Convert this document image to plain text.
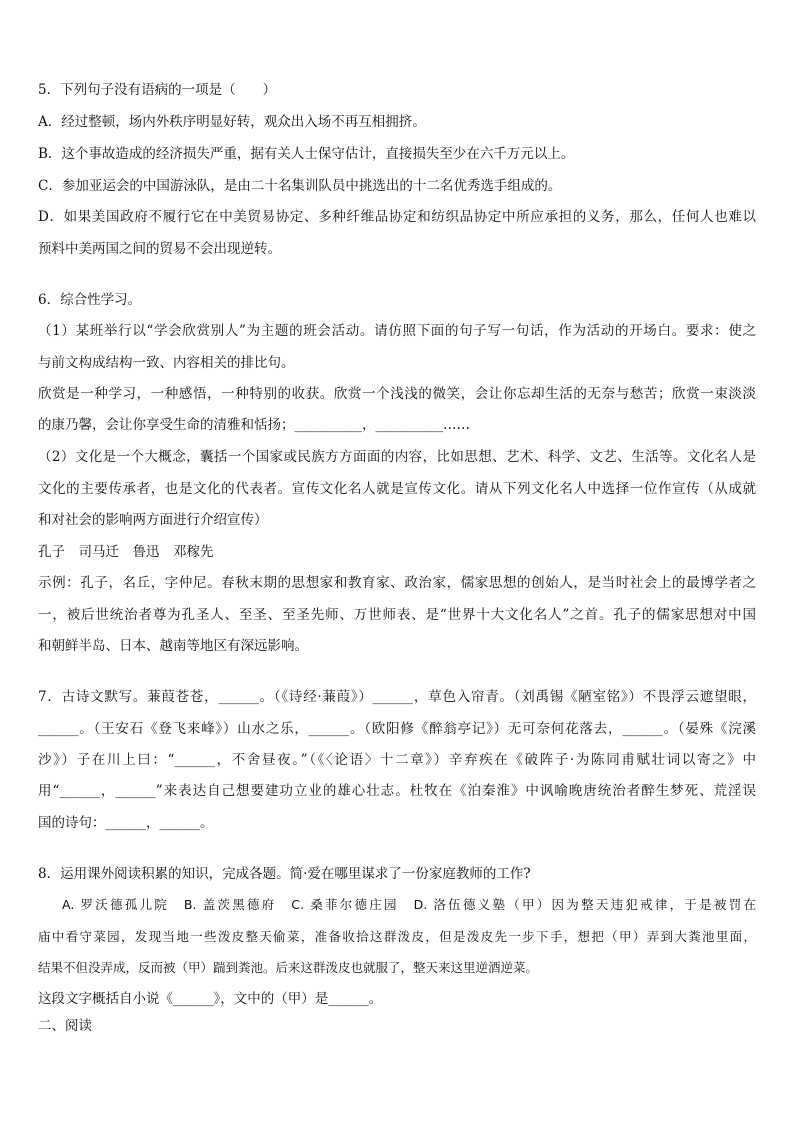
5．下列句子没有语病的一项是（　　）
A．经过整顿，场内外秩序明显好转，观众出入场不再互相拥挤。
B．这个事故造成的经济损失严重，据有关人士保守估计，直接损失至少在六千万元以上。
C．参加亚运会的中国游泳队，是由二十名集训队员中挑选出的十二名优秀选手组成的。
D．如果美国政府不履行它在中美贸易协定、多种纤维品协定和纺织品协定中所应承担的义务，那么，任何人也难以
预料中美两国之间的贸易不会出现逆转。
6．综合性学习。
（1）某班举行以“学会欣赏别人”为主题的班会活动。请仿照下面的句子写一句话，作为活动的开场白。要求：使之
与前文构成结构一致、内容相关的排比句。
欣赏是一种学习，一种感悟，一种特别的收获。欣赏一个浅浅的微笑，会让你忘却生活的无奈与愁苦；欣赏一束淡淡
的康乃馨，会让你享受生命的清雅和恬扬；__________，__________……
（2）文化是一个大概念，囊括一个国家或民族方方面面的内容，比如思想、艺术、科学、文艺、生活等。文化名人是
文化的主要传承者，也是文化的代表者。宣传文化名人就是宣传文化。请从下列文化名人中选择一位作宣传（从成就
和对社会的影响两方面进行介绍宣传）
孔子　司马迁　鲁迅　邓稼先
示例：孔子，名丘，字仲尼。春秋末期的思想家和教育家、政治家，儒家思想的创始人，是当时社会上的最博学者之
一，被后世统治者尊为孔圣人、至圣、至圣先师、万世师表、是“世界十大文化名人”之首。孔子的儒家思想对中国
和朝鲜半岛、日本、越南等地区有深远影响。
7．古诗文默写。蒹葭苍苍，______。（《诗经·蒹葭》）______，草色入帘青。（刘禹锡《陋室铭》）不畏浮云遮望眼，
______。（王安石《登飞来峰》）山水之乐，______。（欧阳修《醉翁亭记》）无可奈何花落去，______。（晏殊《浣溪
沙》）子在川上曰：“______，不舍昼夜。”（《〈论语〉十二章》）辛弃疾在《破阵子·为陈同甫赋壮词以寄之》中
用“______，______”来表达自己想要建功立业的雄心壮志。杜牧在《泊秦淮》中讽喻晚唐统治者醉生梦死、荒淫误
国的诗句：______，______。
8．运用课外阅读积累的知识，完成各题。简·爱在哪里谋求了一份家庭教师的工作?
A. 罗沃德孤儿院　B. 盖茨黑德府　C. 桑菲尔德庄园　D. 洛伍德义塾（甲）因为整天违犯戒律，于是被罚在
庙中看守菜园，发现当地一些泼皮整天偷菜，准备收拾这群泼皮，但是泼皮先一步下手，想把（甲）弄到大粪池里面，
结果不但没弄成，反而被（甲）踹到粪池。后来这群泼皮也就服了，整天来这里逆酒逆菜。
这段文字概括自小说《______》，文中的（甲）是______。
二、阅读
